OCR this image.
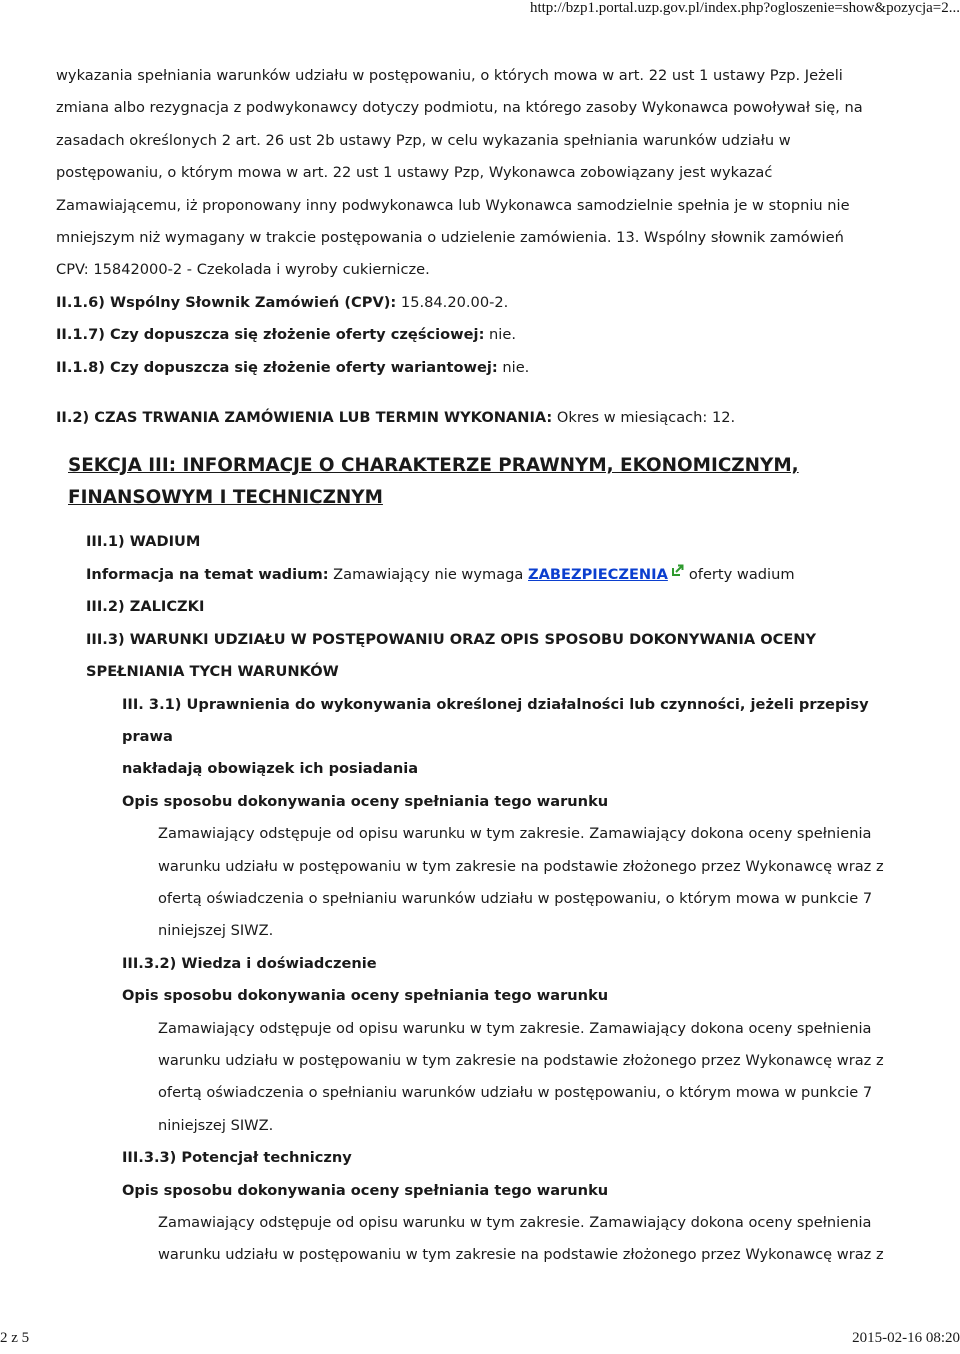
http://bzp1.portal.uzp.gov.pl/index.php?ogloszenie=show&pozycja=2...

wykazania spełniania warunków udziału w postępowaniu, o których mowa w art. 22 ust 1 ustawy Pzp. Jeżeli

zmiana albo rezygnacja z podwykonawcy dotyczy podmiotu, na którego zasoby Wykonawca powoływał się, na

zasadach określonych 2 art. 26 ust 2b ustawy Pzp, w celu wykazania spełniania warunków udziału w

postępowaniu, o którym mowa w art. 22 ust 1 ustawy Pzp, Wykonawca zobowiązany jest wykazać

Zamawiającemu, iż proponowany inny podwykonawca lub Wykonawca samodzielnie spełnia je w stopniu nie

mniejszym niż wymagany w trakcie postępowania o udzielenie zamówienia. 13. Wspólny słownik zamówień

CPV: 15842000-2 - Czekolada i wyroby cukiernicze.

II.1.6) Wspólny Słownik Zamówień (CPV): 15.84.20.00-2.

II.1.7) Czy dopuszcza się złożenie oferty częściowej: nie.

II.1.8) Czy dopuszcza się złożenie oferty wariantowej: nie.

II.2) CZAS TRWANIA ZAMÓWIENIA LUB TERMIN WYKONANIA: Okres w miesiącach: 12.

SEKCJA III: INFORMACJE O CHARAKTERZE PRAWNYM, EKONOMICZNYM,
FINANSOWYM I TECHNICZNYM

III.1) WADIUM

Informacja na temat wadium: Zamawiający nie wymaga ZABEZPIECZENIA oferty wadium

III.2) ZALICZKI

III.3) WARUNKI UDZIAŁU W POSTĘPOWANIU ORAZ OPIS SPOSOBU DOKONYWANIA OCENY
SPEŁNIANIA TYCH WARUNKÓW

III. 3.1) Uprawnienia do wykonywania określonej działalności lub czynności, jeżeli przepisy prawa

nakładają obowiązek ich posiadania

Opis sposobu dokonywania oceny spełniania tego warunku

Zamawiający odstępuje od opisu warunku w tym zakresie. Zamawiający dokona oceny spełnienia

warunku udziału w postępowaniu w tym zakresie na podstawie złożonego przez Wykonawcę wraz z

ofertą oświadczenia o spełnianiu warunków udziału w postępowaniu, o którym mowa w punkcie 7

niniejszej SIWZ.

III.3.2) Wiedza i doświadczenie

Opis sposobu dokonywania oceny spełniania tego warunku

Zamawiający odstępuje od opisu warunku w tym zakresie. Zamawiający dokona oceny spełnienia

warunku udziału w postępowaniu w tym zakresie na podstawie złożonego przez Wykonawcę wraz z

ofertą oświadczenia o spełnianiu warunków udziału w postępowaniu, o którym mowa w punkcie 7

niniejszej SIWZ.

III.3.3) Potencjał techniczny

Opis sposobu dokonywania oceny spełniania tego warunku

Zamawiający odstępuje od opisu warunku w tym zakresie. Zamawiający dokona oceny spełnienia

warunku udziału w postępowaniu w tym zakresie na podstawie złożonego przez Wykonawcę wraz z

2 z 5	2015-02-16 08:20
